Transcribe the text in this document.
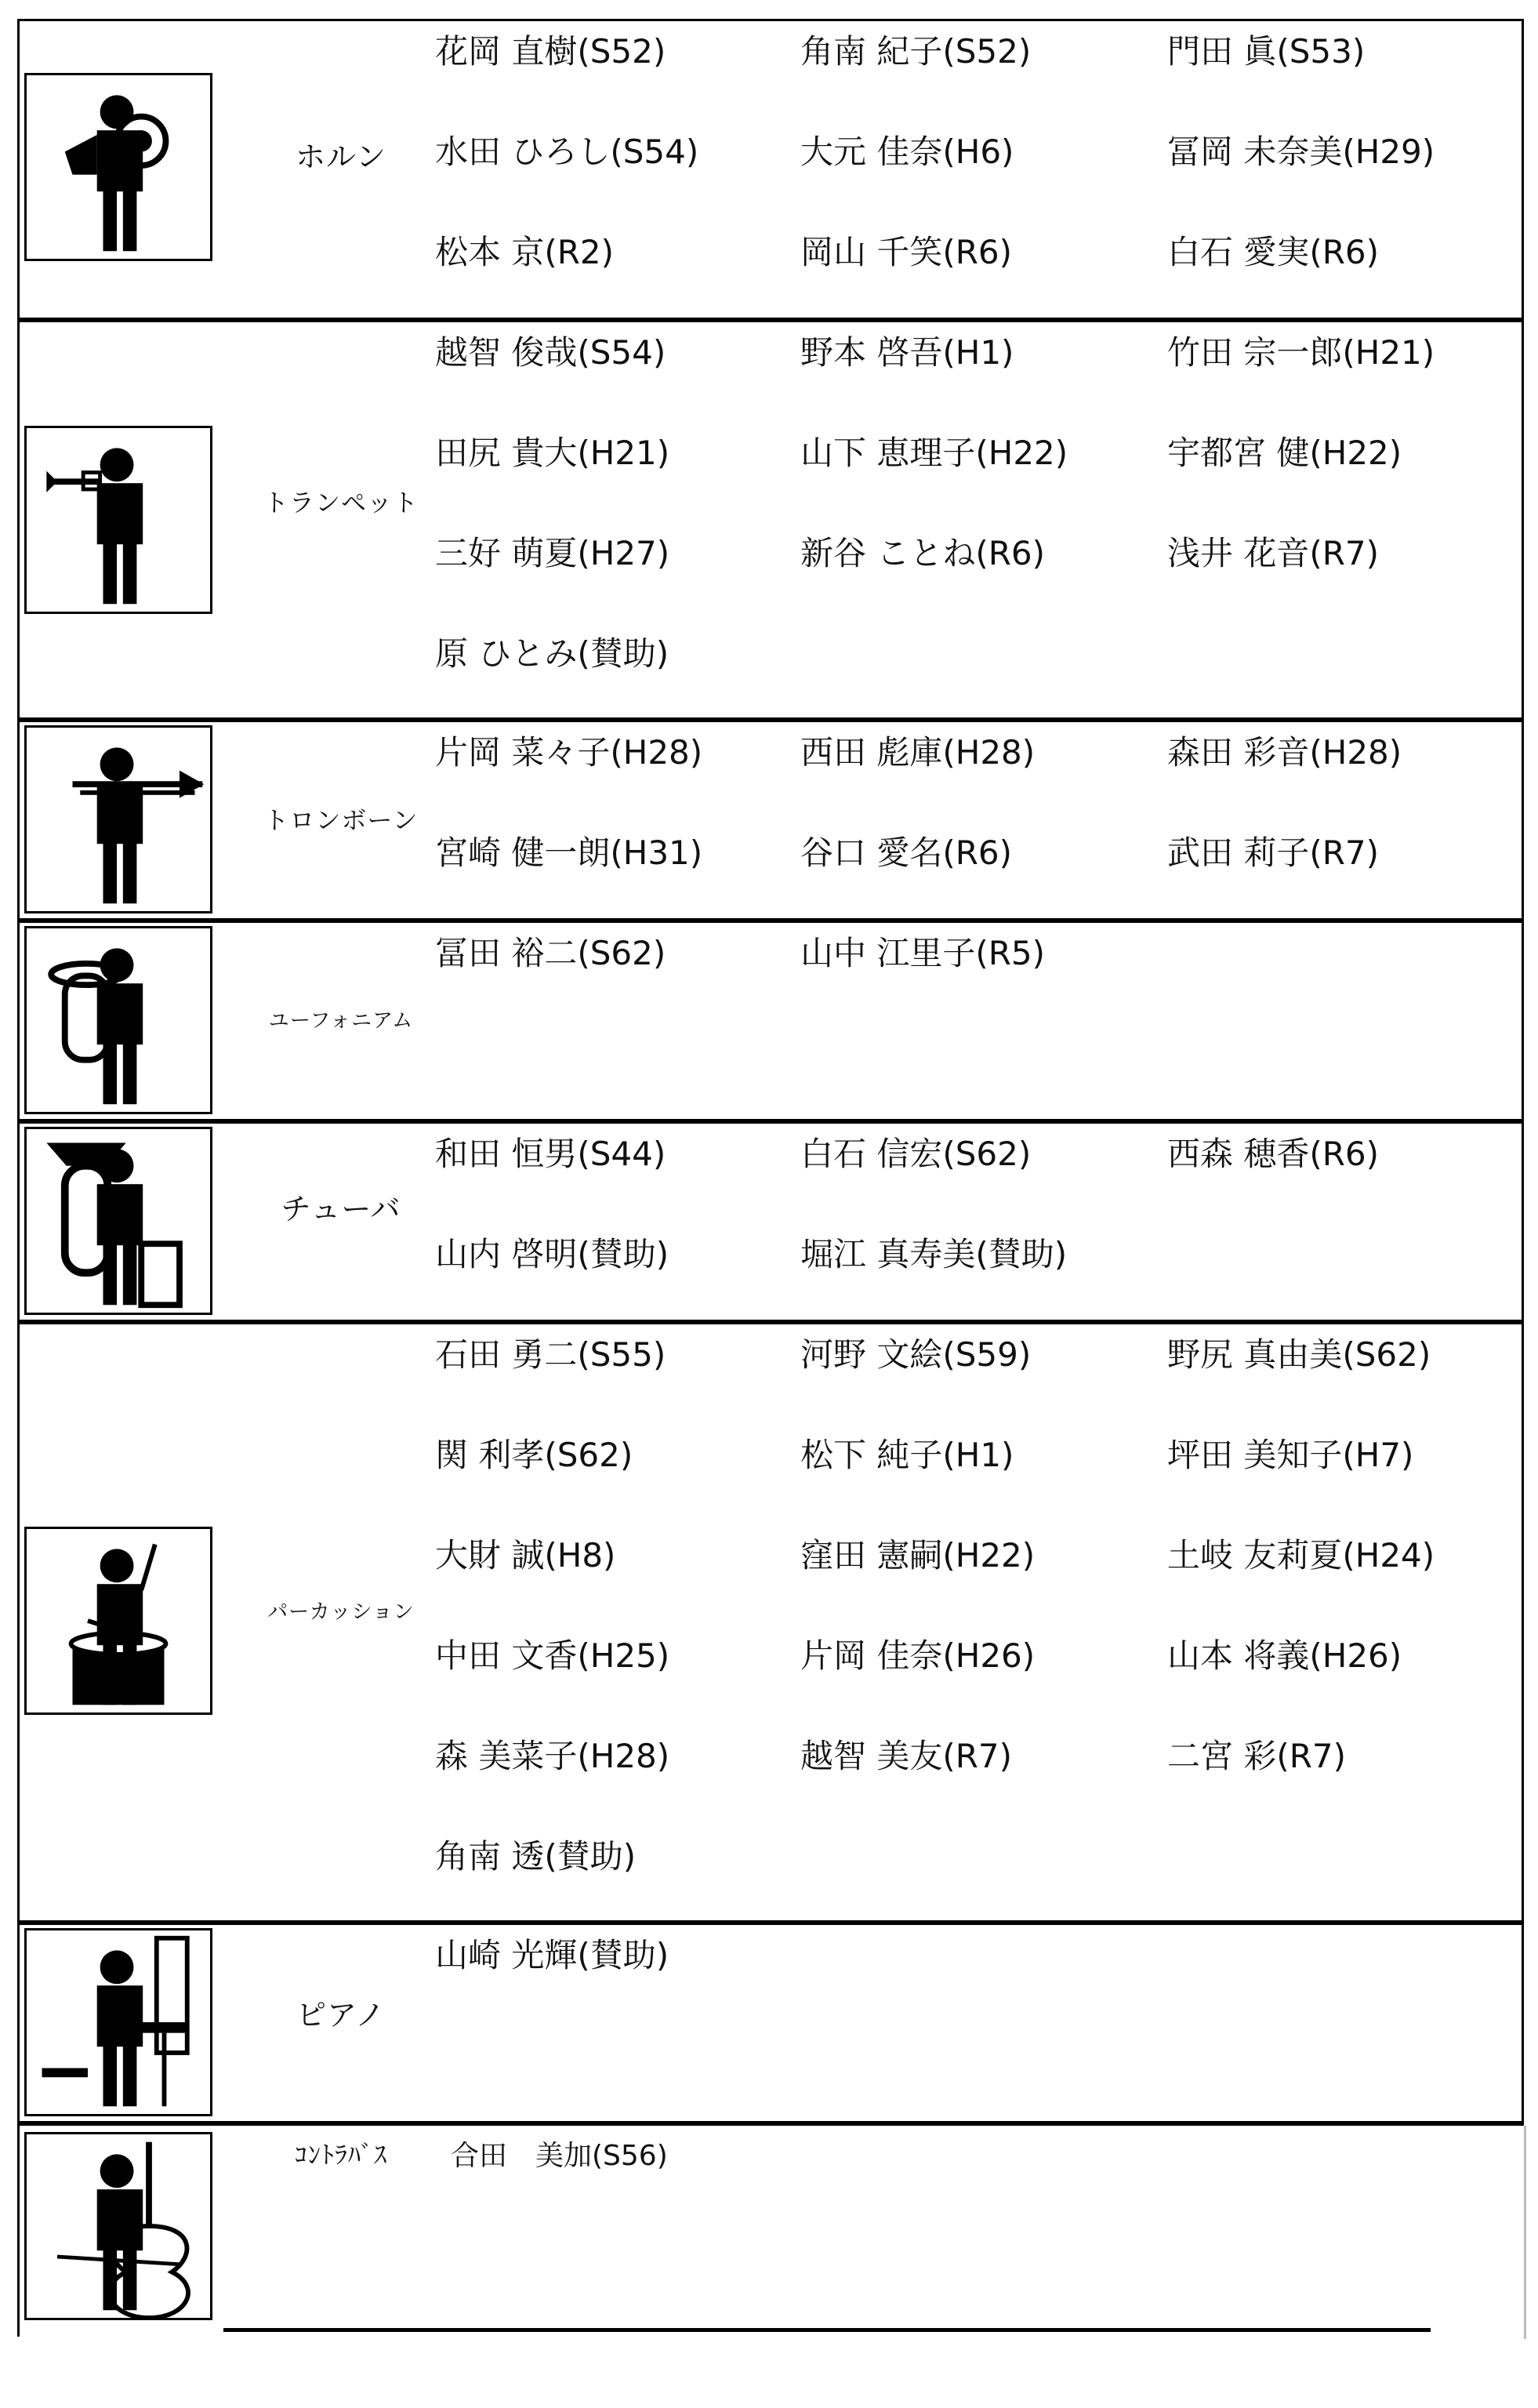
ホルン
花岡 直樹(S52)	角南 紀子(S52)	門田 眞(S53)
水田 ひろし(S54)	大元 佳奈(H6)	冨岡 未奈美(H29)
松本 京(R2)	岡山 千笑(R6)	白石 愛実(R6)
トランペット
越智 俊哉(S54)	野本 啓吾(H1)	竹田 宗一郎(H21)
田尻 貴大(H21)	山下 恵理子(H22)	宇都宮 健(H22)
三好 萌夏(H27)	新谷 ことね(R6)	浅井 花音(R7)
原 ひとみ(賛助)
トロンボーン
片岡 菜々子(H28)	西田 彪庫(H28)	森田 彩音(H28)
宮崎 健一朗(H31)	谷口 愛名(R6)	武田 莉子(R7)
ユーフォニアム
冨田 裕二(S62)	山中 江里子(R5)
チューバ
和田 恒男(S44)	白石 信宏(S62)	西森 穂香(R6)
山内 啓明(賛助)	堀江 真寿美(賛助)
パーカッション
石田 勇二(S55)	河野 文絵(S59)	野尻 真由美(S62)
関 利孝(S62)	松下 純子(H1)	坪田 美知子(H7)
大財 誠(H8)	窪田 憲嗣(H22)	土岐 友莉夏(H24)
中田 文香(H25)	片岡 佳奈(H26)	山本 将義(H26)
森 美菜子(H28)	越智 美友(R7)	二宮 彩(R7)
角南 透(賛助)
ピアノ
山崎 光輝(賛助)
ｺﾝﾄﾗﾊﾞｽ	合田　美加(S56)
